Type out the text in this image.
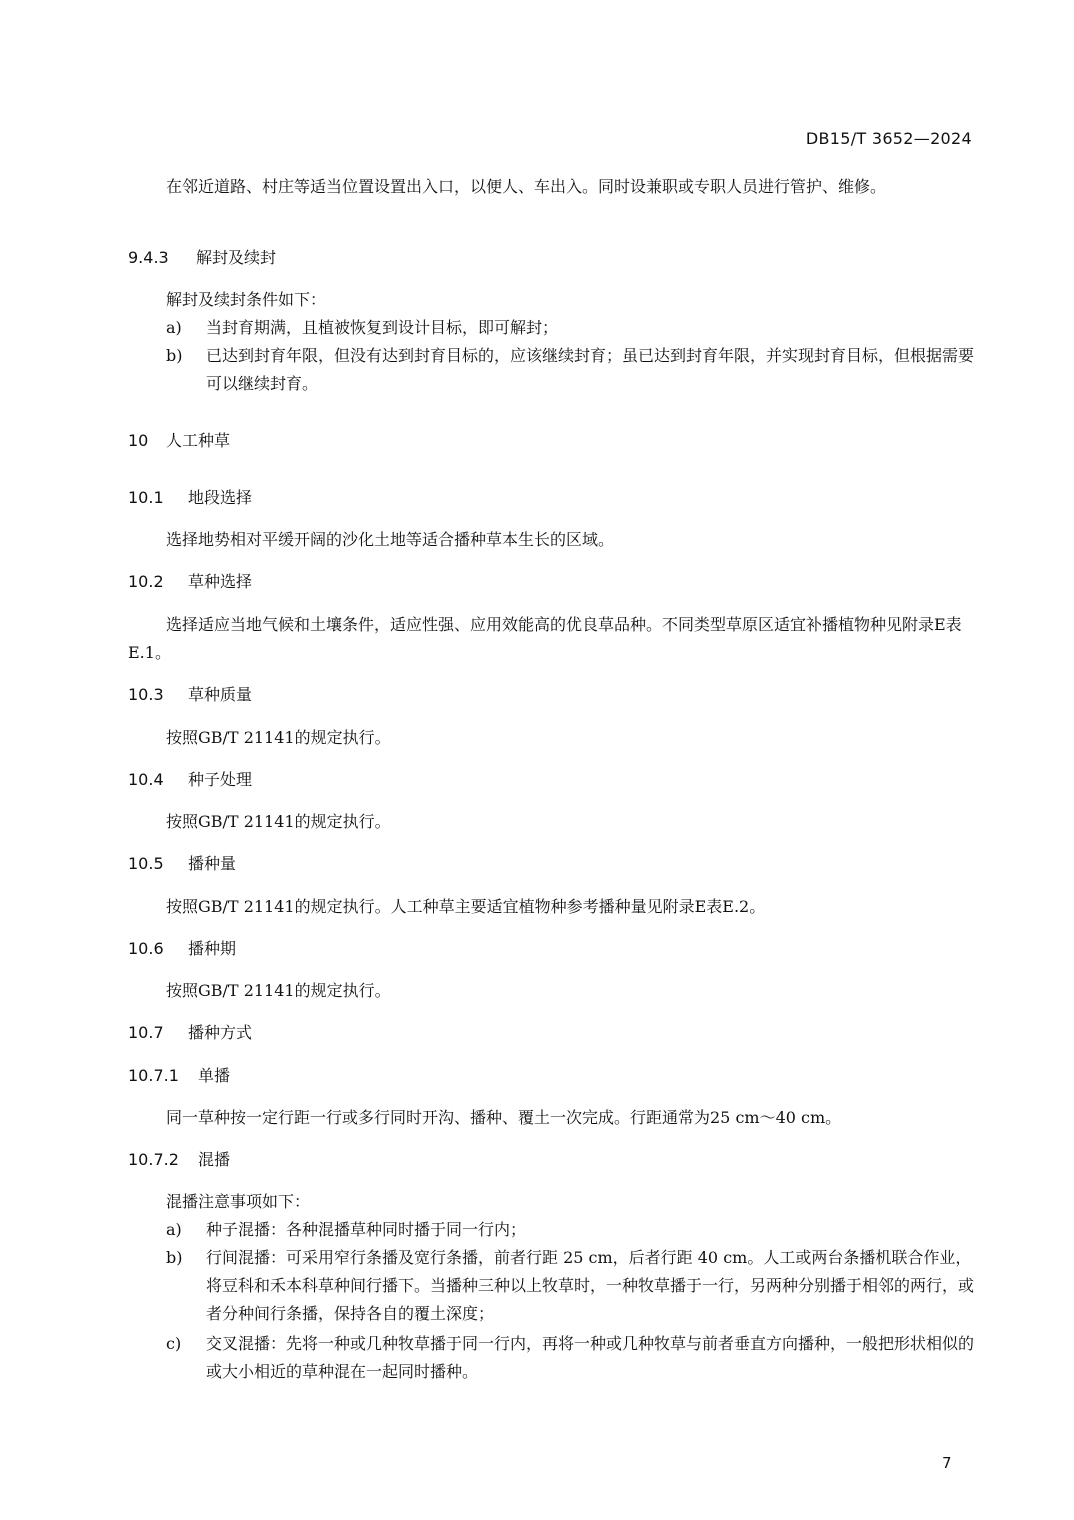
DB15/T 3652—2024
在邻近道路、村庄等适当位置设置出入口，以便人、车出入。同时设兼职或专职人员进行管护、维修。
9.4.3 解封及续封
解封及续封条件如下：
a)	当封育期满，且植被恢复到设计目标，即可解封；
b)	已达到封育年限，但没有达到封育目标的，应该继续封育；虽已达到封育年限，并实现封育目标，但根据需要可以继续封育。
10 人工种草
10.1 地段选择
选择地势相对平缓开阔的沙化土地等适合播种草本生长的区域。
10.2 草种选择
选择适应当地气候和土壤条件，适应性强、应用效能高的优良草品种。不同类型草原区适宜补播植物种见附录E表E.1。
10.3 草种质量
按照GB/T 21141的规定执行。
10.4 种子处理
按照GB/T 21141的规定执行。
10.5 播种量
按照GB/T 21141的规定执行。人工种草主要适宜植物种参考播种量见附录E表E.2。
10.6 播种期
按照GB/T 21141的规定执行。
10.7 播种方式
10.7.1 单播
同一草种按一定行距一行或多行同时开沟、播种、覆土一次完成。行距通常为25 cm～40 cm。
10.7.2 混播
混播注意事项如下：
a)	种子混播：各种混播草种同时播于同一行内；
b)	行间混播：可采用窄行条播及宽行条播，前者行距 25 cm，后者行距 40 cm。人工或两台条播机联合作业，将豆科和禾本科草种间行播下。当播种三种以上牧草时，一种牧草播于一行，另两种分别播于相邻的两行，或者分种间行条播，保持各自的覆土深度；
c)	交叉混播：先将一种或几种牧草播于同一行内，再将一种或几种牧草与前者垂直方向播种，一般把形状相似的或大小相近的草种混在一起同时播种。
7
